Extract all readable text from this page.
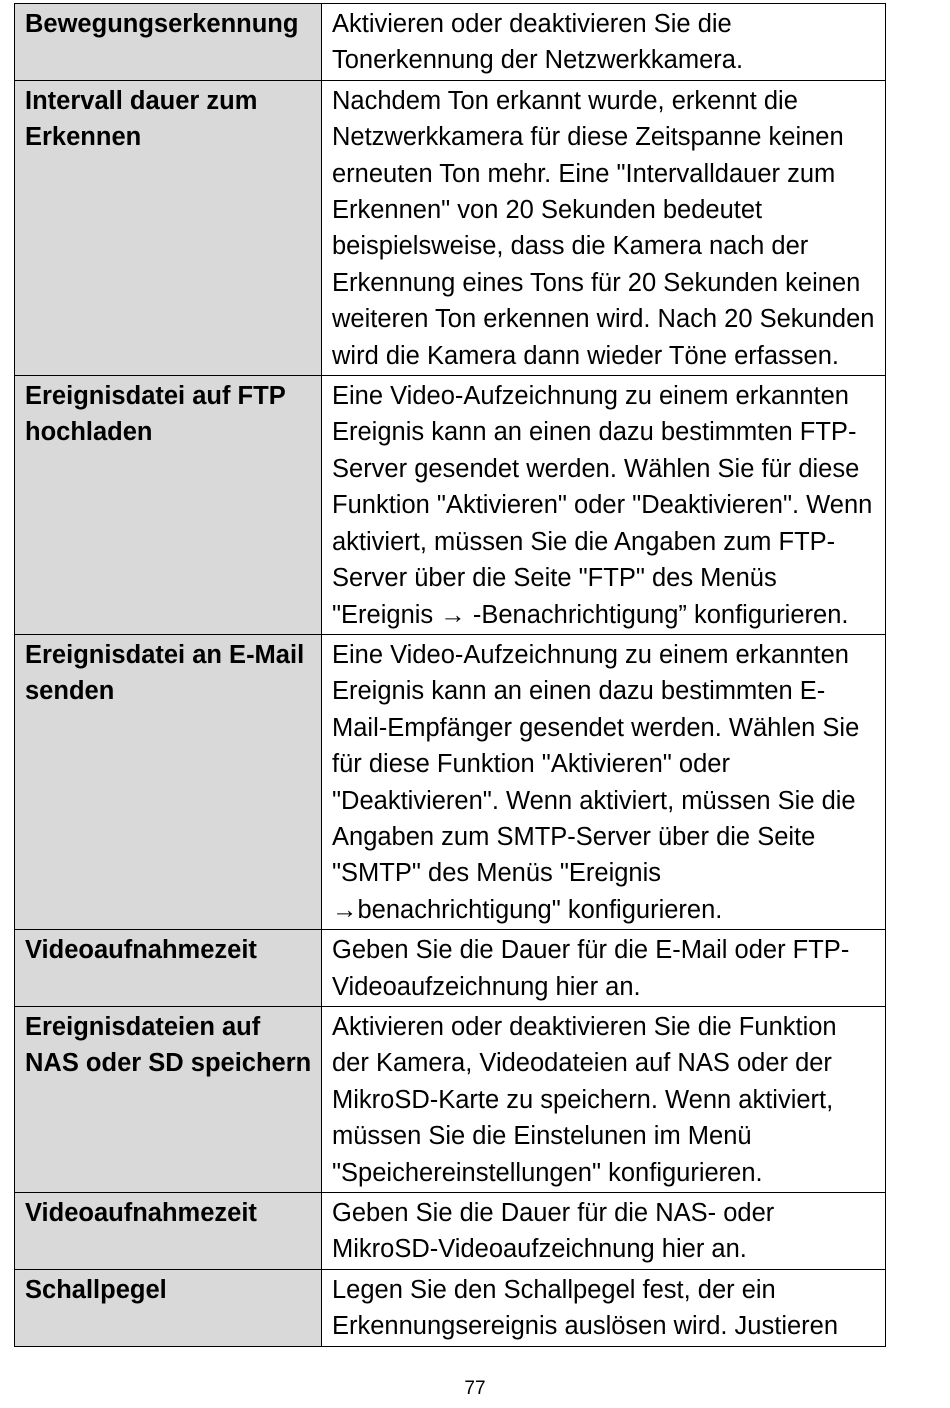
Bewegungserkennung	Aktivieren oder deaktivieren Sie die Tonerkennung der Netzwerkkamera.
Intervall dauer zum Erkennen	Nachdem Ton erkannt wurde, erkennt die Netzwerkkamera für diese Zeitspanne keinen erneuten Ton mehr. Eine "Intervalldauer zum Erkennen" von 20 Sekunden bedeutet beispielsweise, dass die Kamera nach der Erkennung eines Tons für 20 Sekunden keinen weiteren Ton erkennen wird. Nach 20 Sekunden wird die Kamera dann wieder Töne erfassen.
Ereignisdatei auf FTP hochladen	Eine Video-Aufzeichnung zu einem erkannten Ereignis kann an einen dazu bestimmten FTP-Server gesendet werden. Wählen Sie für diese Funktion "Aktivieren" oder "Deaktivieren". Wenn aktiviert, müssen Sie die Angaben zum FTP-Server über die Seite "FTP" des Menüs "Ereignis → -Benachrichtigung” konfigurieren.
Ereignisdatei an E-Mail senden	Eine Video-Aufzeichnung zu einem erkannten Ereignis kann an einen dazu bestimmten E-Mail-Empfänger gesendet werden. Wählen Sie für diese Funktion "Aktivieren" oder "Deaktivieren". Wenn aktiviert, müssen Sie die Angaben zum SMTP-Server über die Seite "SMTP" des Menüs "Ereignis →benachrichtigung" konfigurieren.
Videoaufnahmezeit	Geben Sie die Dauer für die E-Mail oder FTP-Videoaufzeichnung hier an.
Ereignisdateien auf NAS oder SD speichern	Aktivieren oder deaktivieren Sie die Funktion der Kamera, Videodateien auf NAS oder der MikroSD-Karte zu speichern. Wenn aktiviert, müssen Sie die Einstelunen im Menü "Speichereinstellungen" konfigurieren.
Videoaufnahmezeit	Geben Sie die Dauer für die NAS- oder MikroSD-Videoaufzeichnung hier an.
Schallpegel	Legen Sie den Schallpegel fest, der ein Erkennungsereignis auslösen wird. Justieren
77
